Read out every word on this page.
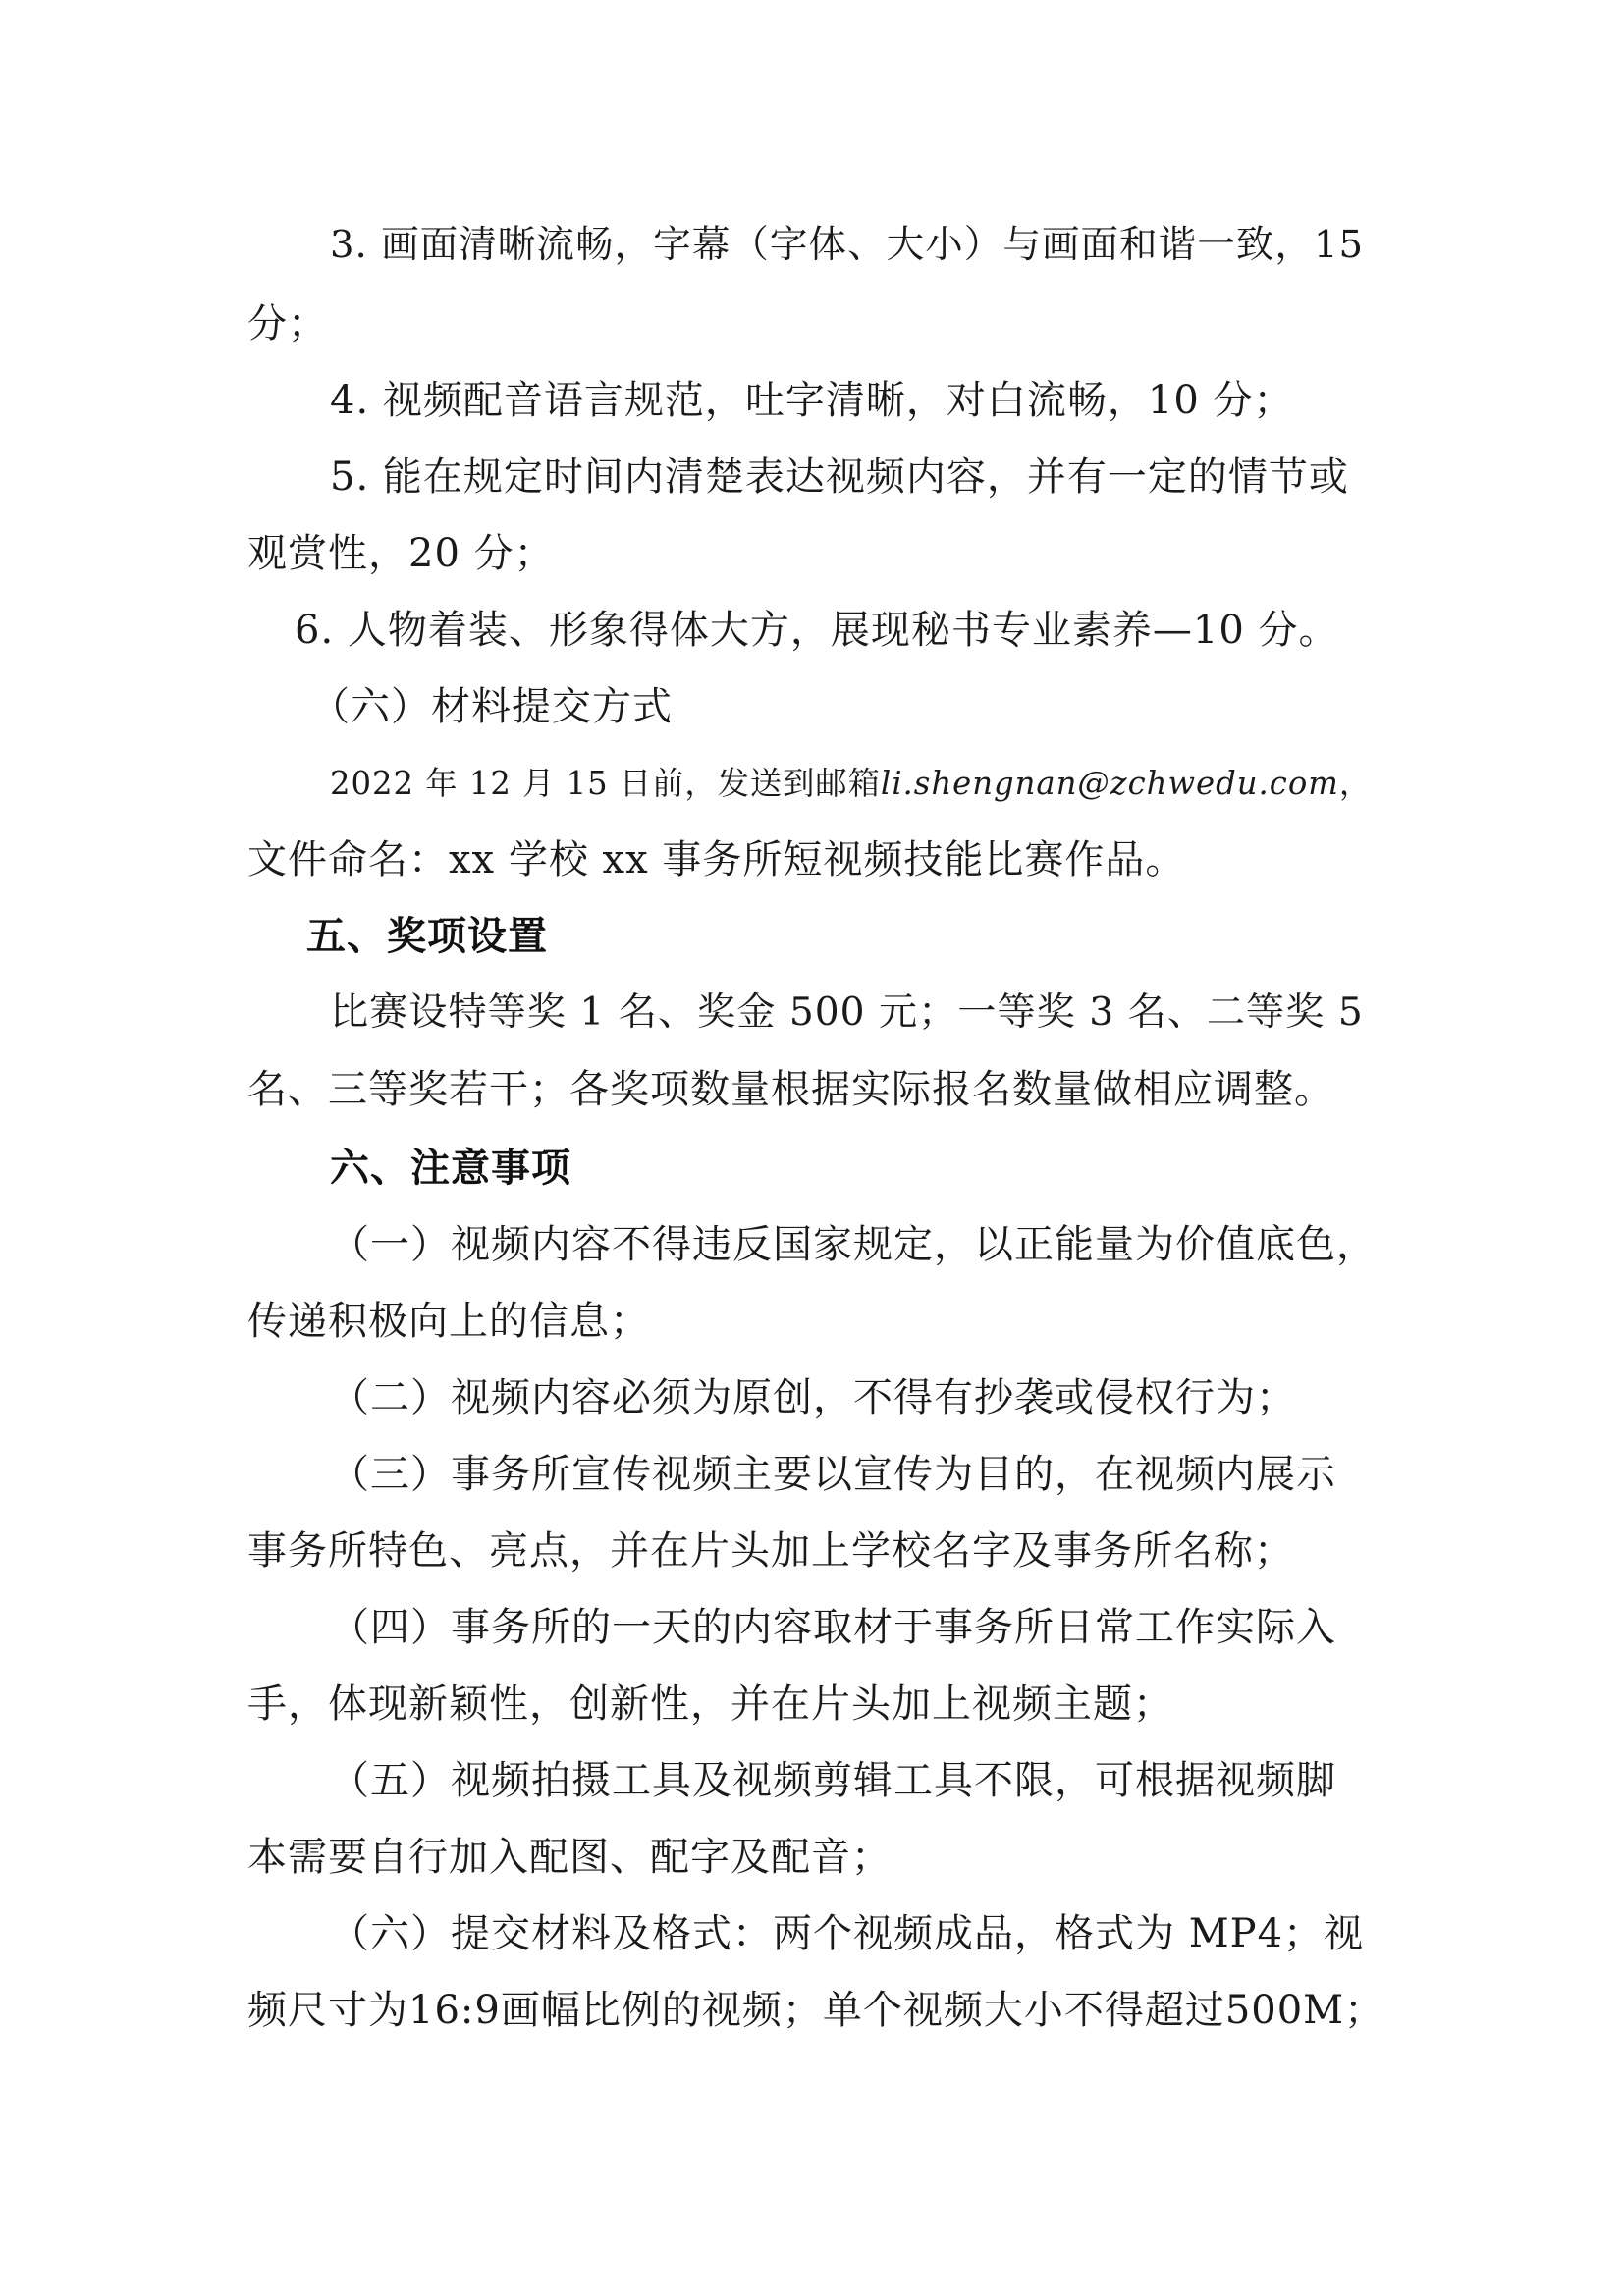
3. 画面清晰流畅，字幕（字体、大小）与画面和谐一致，15
分；
4. 视频配音语言规范，吐字清晰，对白流畅，10 分；
5. 能在规定时间内清楚表达视频内容，并有一定的情节或
观赏性，20 分；
6. 人物着装、形象得体大方，展现秘书专业素养—10 分。
（六）材料提交方式
2022 年 12 月 15 日前，发送到邮箱li.shengnan@zchwedu.com，
文件命名：xx 学校 xx 事务所短视频技能比赛作品。
五、奖项设置
比赛设特等奖 1 名、奖金 500 元；一等奖 3 名、二等奖 5
名、三等奖若干；各奖项数量根据实际报名数量做相应调整。
六、注意事项
（一）视频内容不得违反国家规定，以正能量为价值底色，
传递积极向上的信息；
（二）视频内容必须为原创，不得有抄袭或侵权行为；
（三）事务所宣传视频主要以宣传为目的，在视频内展示
事务所特色、亮点，并在片头加上学校名字及事务所名称；
（四）事务所的一天的内容取材于事务所日常工作实际入
手，体现新颖性，创新性，并在片头加上视频主题；
（五）视频拍摄工具及视频剪辑工具不限，可根据视频脚
本需要自行加入配图、配字及配音；
（六）提交材料及格式：两个视频成品，格式为 MP4；视
频尺寸为16:9画幅比例的视频；单个视频大小不得超过500M；
